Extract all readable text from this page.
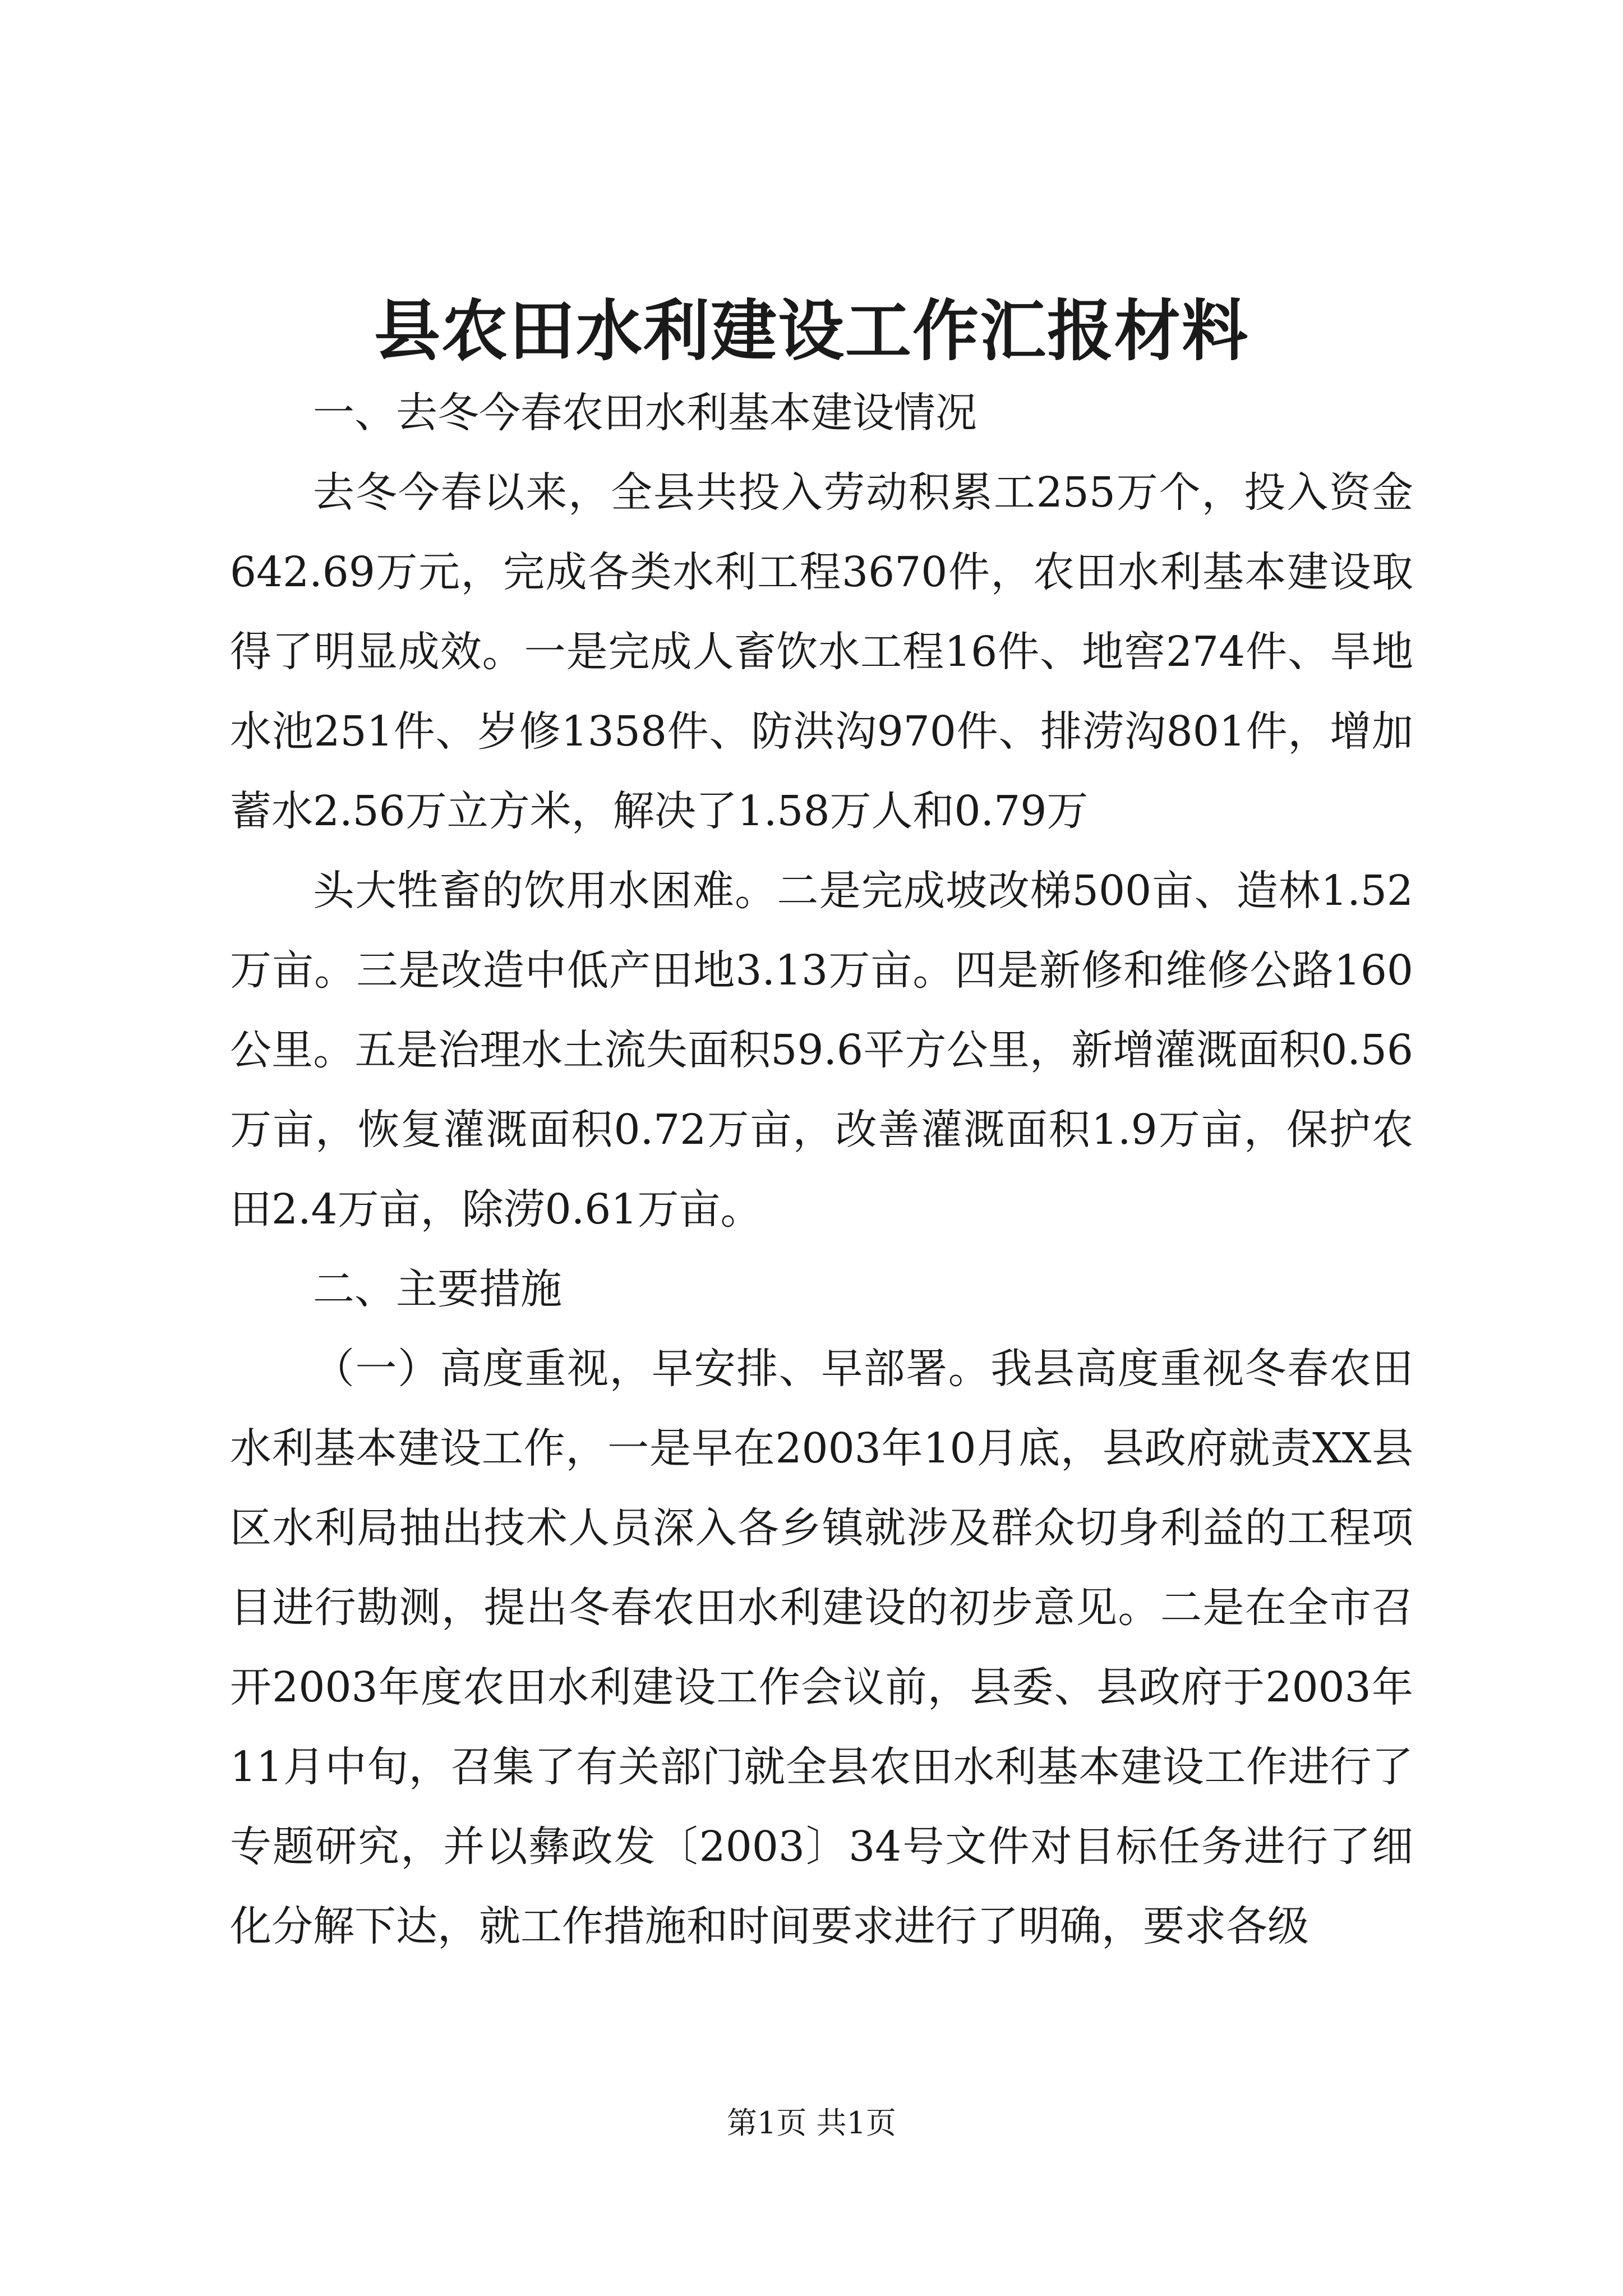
县农田水利建设工作汇报材料

一、去冬今春农田水利基本建设情况

去冬今春以来，全县共投入劳动积累工255万个，投入资金642.69万元，完成各类水利工程3670件，农田水利基本建设取得了明显成效。一是完成人畜饮水工程16件、地窖274件、旱地水池251件、岁修1358件、防洪沟970件、排涝沟801件，增加蓄水2.56万立方米，解决了1.58万人和0.79万

头大牲畜的饮用水困难。二是完成坡改梯500亩、造林1.52万亩。三是改造中低产田地3.13万亩。四是新修和维修公路160公里。五是治理水土流失面积59.6平方公里，新增灌溉面积0.56万亩，恢复灌溉面积0.72万亩，改善灌溉面积1.9万亩，保护农田2.4万亩，除涝0.61万亩。

二、主要措施

（一）高度重视，早安排、早部署。我县高度重视冬春农田水利基本建设工作，一是早在2003年10月底，县政府就责XX县区水利局抽出技术人员深入各乡镇就涉及群众切身利益的工程项目进行勘测，提出冬春农田水利建设的初步意见。二是在全市召开2003年度农田水利建设工作会议前，县委、县政府于2003年11月中旬，召集了有关部门就全县农田水利基本建设工作进行了专题研究，并以彝政发〔2003〕34号文件对目标任务进行了细化分解下达，就工作措施和时间要求进行了明确，要求各级

第1页 共1页
